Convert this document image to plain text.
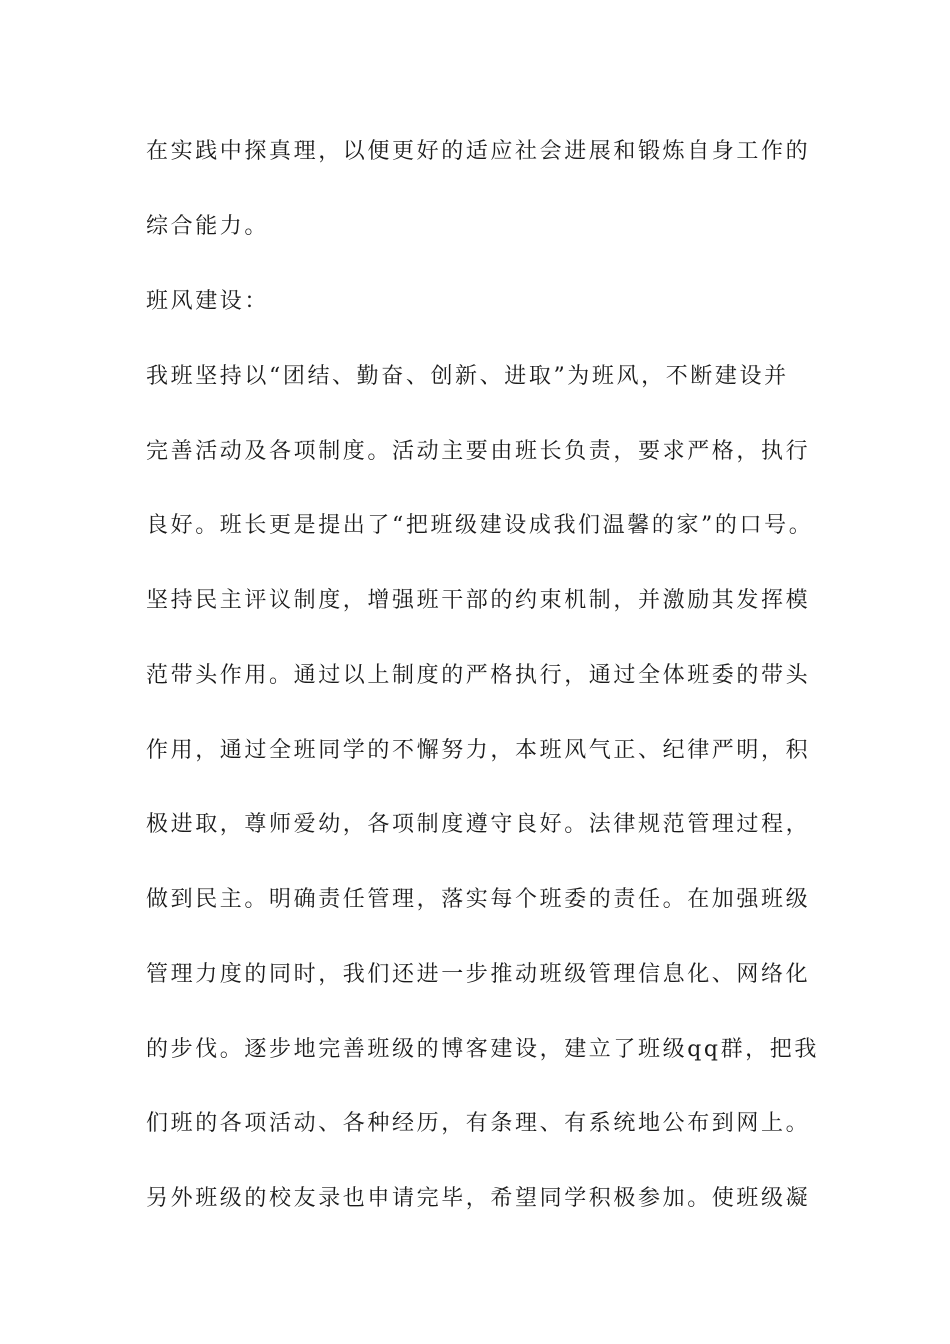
在实践中探真理，以便更好的适应社会进展和锻炼自身工作的
综合能力。
班风建设：
我班坚持以“团结、勤奋、创新、进取”为班风，不断建设并
完善活动及各项制度。活动主要由班长负责，要求严格，执行
良好。班长更是提出了“把班级建设成我们温馨的家”的口号。
坚持民主评议制度，增强班干部的约束机制，并激励其发挥模
范带头作用。通过以上制度的严格执行，通过全体班委的带头
作用，通过全班同学的不懈努力，本班风气正、纪律严明，积
极进取，尊师爱幼，各项制度遵守良好。法律规范管理过程，
做到民主。明确责任管理，落实每个班委的责任。在加强班级
管理力度的同时，我们还进一步推动班级管理信息化、网络化
的步伐。逐步地完善班级的博客建设，建立了班级qq群，把我
们班的各项活动、各种经历，有条理、有系统地公布到网上。
另外班级的校友录也申请完毕，希望同学积极参加。使班级凝
